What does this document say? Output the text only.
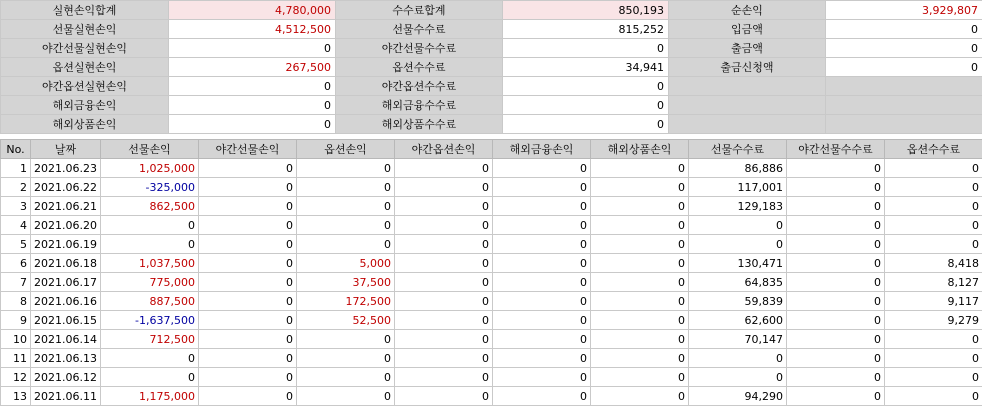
실현손익합계	4,780,000	수수료합계	850,193	순손익	3,929,807
선물실현손익	4,512,500	선물수수료	815,252	입금액	0
야간선물실현손익	0	야간선물수수료	0	출금액	0
옵션실현손익	267,500	옵션수수료	34,941	출금신청액	0
야간옵션실현손익	0	야간옵션수수료	0		
해외금융손익	0	해외금융수수료	0		
해외상품손익	0	해외상품수수료	0		
No.	날짜	선물손익	야간선물손익	옵션손익	야간옵션손익	해외금융손익	해외상품손익	선물수수료	야간선물수수료	옵션수수료
1	2021.06.23	1,025,000	0	0	0	0	0	86,886	0	0
2	2021.06.22	-325,000	0	0	0	0	0	117,001	0	0
3	2021.06.21	862,500	0	0	0	0	0	129,183	0	0
4	2021.06.20	0	0	0	0	0	0	0	0	0
5	2021.06.19	0	0	0	0	0	0	0	0	0
6	2021.06.18	1,037,500	0	5,000	0	0	0	130,471	0	8,418
7	2021.06.17	775,000	0	37,500	0	0	0	64,835	0	8,127
8	2021.06.16	887,500	0	172,500	0	0	0	59,839	0	9,117
9	2021.06.15	-1,637,500	0	52,500	0	0	0	62,600	0	9,279
10	2021.06.14	712,500	0	0	0	0	0	70,147	0	0
11	2021.06.13	0	0	0	0	0	0	0	0	0
12	2021.06.12	0	0	0	0	0	0	0	0	0
13	2021.06.11	1,175,000	0	0	0	0	0	94,290	0	0
